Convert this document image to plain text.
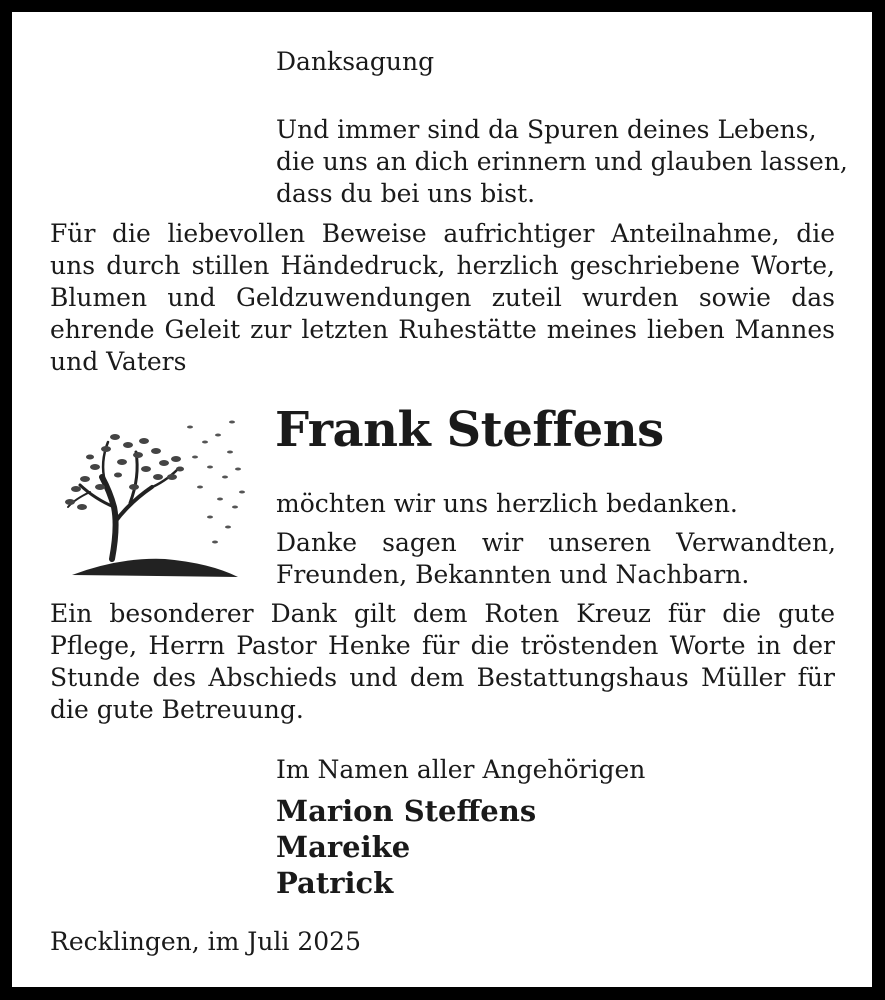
Danksagung
Und immer sind da Spuren deines Lebens,
die uns an dich erinnern und glauben lassen,
dass du bei uns bist.
Für die liebevollen Beweise aufrichtiger Anteilnahme, die uns durch stillen Händedruck, herzlich geschriebene Worte, Blumen und Geldzuwendungen zuteil wurden sowie das ehrende Geleit zur letzten Ruhestätte meines lieben Mannes und Vaters
Frank Steffens
möchten wir uns herzlich bedanken.
Danke sagen wir unseren Verwandten, Freunden, Bekannten und Nachbarn.
Ein besonderer Dank gilt dem Roten Kreuz für die gute Pflege, Herrn Pastor Henke für die tröstenden Worte in der Stunde des Abschieds und dem Bestattungshaus Müller für die gute Betreuung.
Im Namen aller Angehörigen
Marion Steffens
Mareike
Patrick
Recklingen, im Juli 2025
